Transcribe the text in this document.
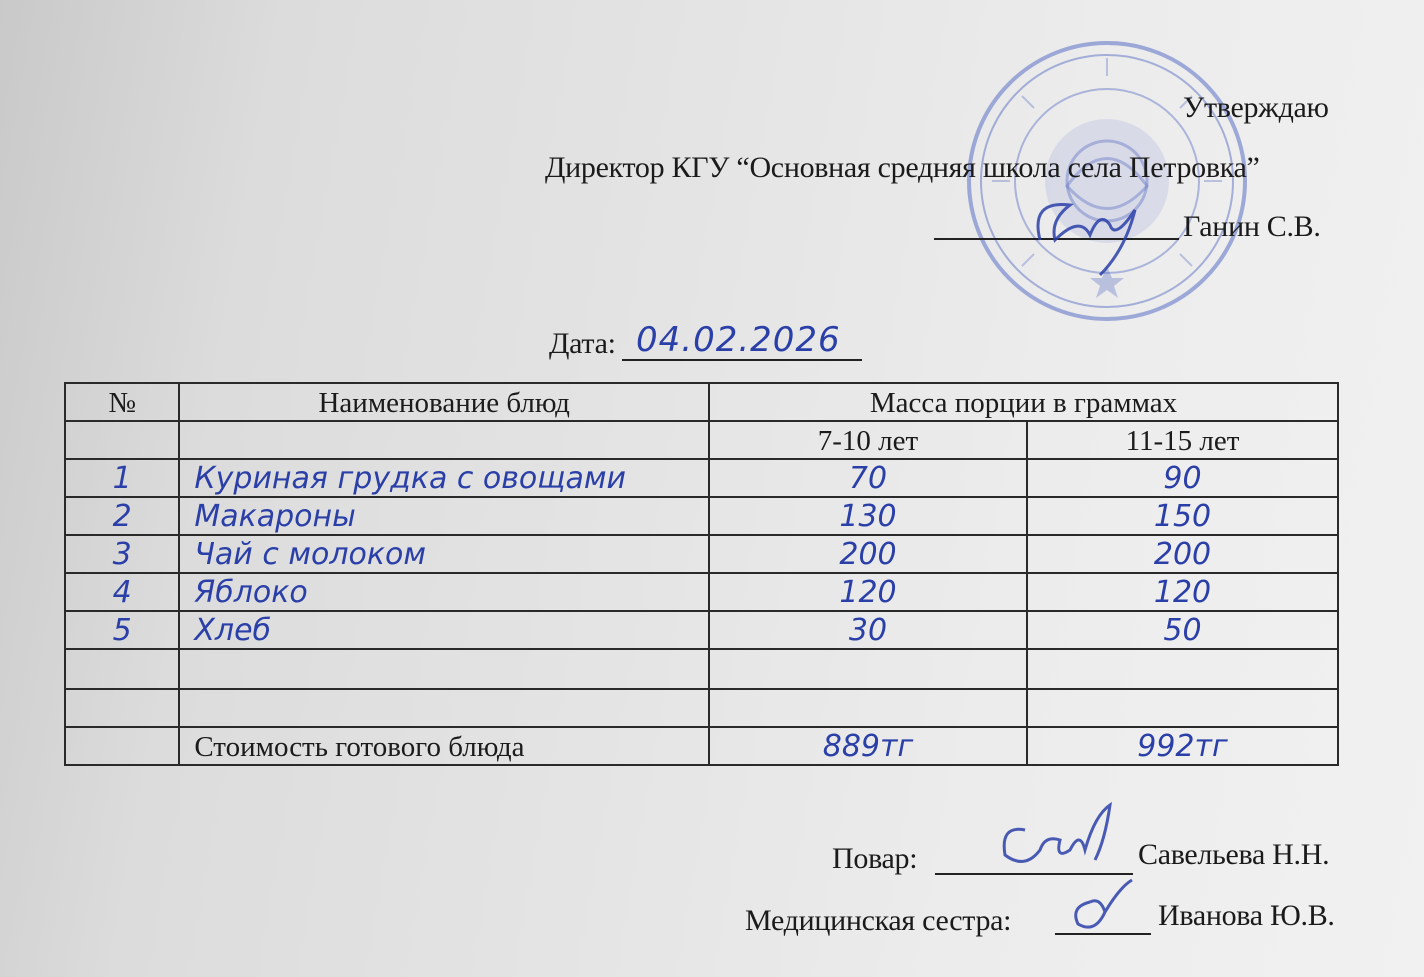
Утверждаю
Директор КГУ “Основная средняя школа села Петровка”
Ганин С.В.
Дата: 04.02.2026
№	Наименование блюд	Масса порции в граммах	
		7-10 лет	11-15 лет
1	Куриная грудка с овощами	70	90
2	Макароны	130	150
3	Чай с молоком	200	200
4	Яблоко	120	120
5	Хлеб	30	50

	Стоимость готового блюда	889тг	992тг
Повар:	Савельева Н.Н.
Медицинская сестра:	Иванова Ю.В.
